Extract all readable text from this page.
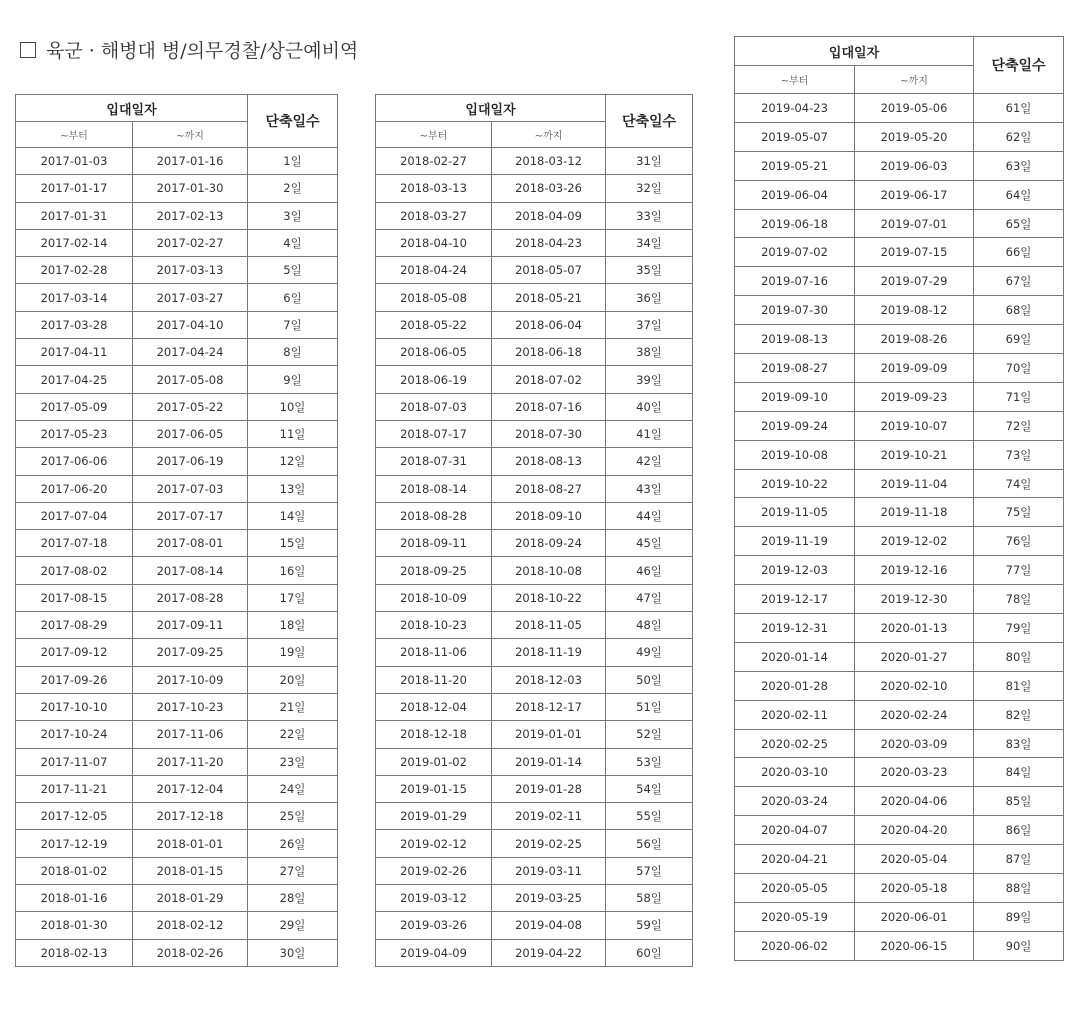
육군 · 해병대 병/의무경찰/상근예비역
입대일자		단축일수
~부터	~까지	
2017-01-03	2017-01-16	1일
2017-01-17	2017-01-30	2일
2017-01-31	2017-02-13	3일
2017-02-14	2017-02-27	4일
2017-02-28	2017-03-13	5일
2017-03-14	2017-03-27	6일
2017-03-28	2017-04-10	7일
2017-04-11	2017-04-24	8일
2017-04-25	2017-05-08	9일
2017-05-09	2017-05-22	10일
2017-05-23	2017-06-05	11일
2017-06-06	2017-06-19	12일
2017-06-20	2017-07-03	13일
2017-07-04	2017-07-17	14일
2017-07-18	2017-08-01	15일
2017-08-02	2017-08-14	16일
2017-08-15	2017-08-28	17일
2017-08-29	2017-09-11	18일
2017-09-12	2017-09-25	19일
2017-09-26	2017-10-09	20일
2017-10-10	2017-10-23	21일
2017-10-24	2017-11-06	22일
2017-11-07	2017-11-20	23일
2017-11-21	2017-12-04	24일
2017-12-05	2017-12-18	25일
2017-12-19	2018-01-01	26일
2018-01-02	2018-01-15	27일
2018-01-16	2018-01-29	28일
2018-01-30	2018-02-12	29일
2018-02-13	2018-02-26	30일
입대일자		단축일수
~부터	~까지	
2018-02-27	2018-03-12	31일
2018-03-13	2018-03-26	32일
2018-03-27	2018-04-09	33일
2018-04-10	2018-04-23	34일
2018-04-24	2018-05-07	35일
2018-05-08	2018-05-21	36일
2018-05-22	2018-06-04	37일
2018-06-05	2018-06-18	38일
2018-06-19	2018-07-02	39일
2018-07-03	2018-07-16	40일
2018-07-17	2018-07-30	41일
2018-07-31	2018-08-13	42일
2018-08-14	2018-08-27	43일
2018-08-28	2018-09-10	44일
2018-09-11	2018-09-24	45일
2018-09-25	2018-10-08	46일
2018-10-09	2018-10-22	47일
2018-10-23	2018-11-05	48일
2018-11-06	2018-11-19	49일
2018-11-20	2018-12-03	50일
2018-12-04	2018-12-17	51일
2018-12-18	2019-01-01	52일
2019-01-02	2019-01-14	53일
2019-01-15	2019-01-28	54일
2019-01-29	2019-02-11	55일
2019-02-12	2019-02-25	56일
2019-02-26	2019-03-11	57일
2019-03-12	2019-03-25	58일
2019-03-26	2019-04-08	59일
2019-04-09	2019-04-22	60일
입대일자		단축일수
~부터	~까지	
2019-04-23	2019-05-06	61일
2019-05-07	2019-05-20	62일
2019-05-21	2019-06-03	63일
2019-06-04	2019-06-17	64일
2019-06-18	2019-07-01	65일
2019-07-02	2019-07-15	66일
2019-07-16	2019-07-29	67일
2019-07-30	2019-08-12	68일
2019-08-13	2019-08-26	69일
2019-08-27	2019-09-09	70일
2019-09-10	2019-09-23	71일
2019-09-24	2019-10-07	72일
2019-10-08	2019-10-21	73일
2019-10-22	2019-11-04	74일
2019-11-05	2019-11-18	75일
2019-11-19	2019-12-02	76일
2019-12-03	2019-12-16	77일
2019-12-17	2019-12-30	78일
2019-12-31	2020-01-13	79일
2020-01-14	2020-01-27	80일
2020-01-28	2020-02-10	81일
2020-02-11	2020-02-24	82일
2020-02-25	2020-03-09	83일
2020-03-10	2020-03-23	84일
2020-03-24	2020-04-06	85일
2020-04-07	2020-04-20	86일
2020-04-21	2020-05-04	87일
2020-05-05	2020-05-18	88일
2020-05-19	2020-06-01	89일
2020-06-02	2020-06-15	90일
